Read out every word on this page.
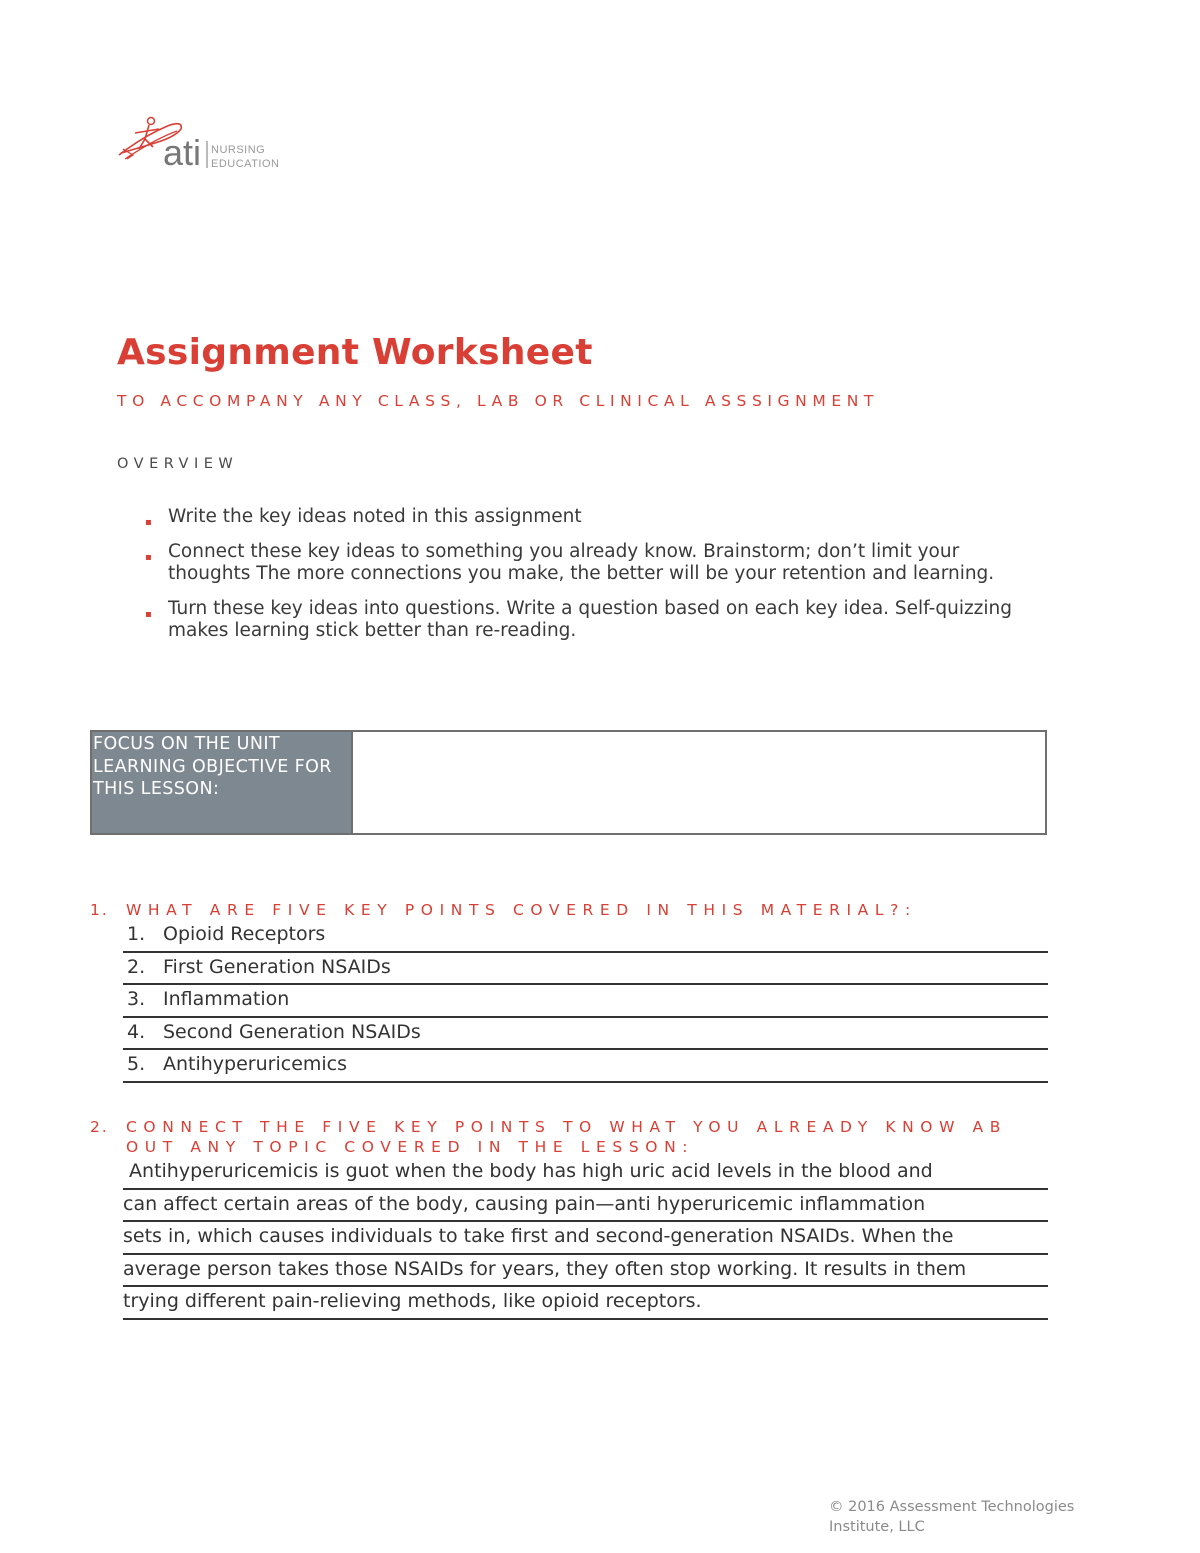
ati NURSING
EDUCATION
Assignment Worksheet
TO ACCOMPANY ANY CLASS, LAB OR CLINICAL ASSSIGNMENT
OVERVIEW
▪ Write the key ideas noted in this assignment
▪ Connect these key ideas to something you already know. Brainstorm; don’t limit your thoughts The more connections you make, the better will be your retention and learning.
▪ Turn these key ideas into questions. Write a question based on each key idea. Self-quizzing makes learning stick better than re-reading.
FOCUS ON THE UNIT LEARNING OBJECTIVE FOR THIS LESSON:
1. WHAT ARE FIVE KEY POINTS COVERED IN THIS MATERIAL?:
1. Opioid Receptors
2. First Generation NSAIDs
3. Inflammation
4. Second Generation NSAIDs
5. Antihyperuricemics
2. CONNECT THE FIVE KEY POINTS TO WHAT YOU ALREADY KNOW AB
OUT ANY TOPIC COVERED IN THE LESSON:
Antihyperuricemicis is guot when the body has high uric acid levels in the blood and
can affect certain areas of the body, causing pain—anti hyperuricemic inflammation
sets in, which causes individuals to take first and second-generation NSAIDs. When the
average person takes those NSAIDs for years, they often stop working. It results in them
trying different pain-relieving methods, like opioid receptors.
© 2016 Assessment Technologies
Institute, LLC
